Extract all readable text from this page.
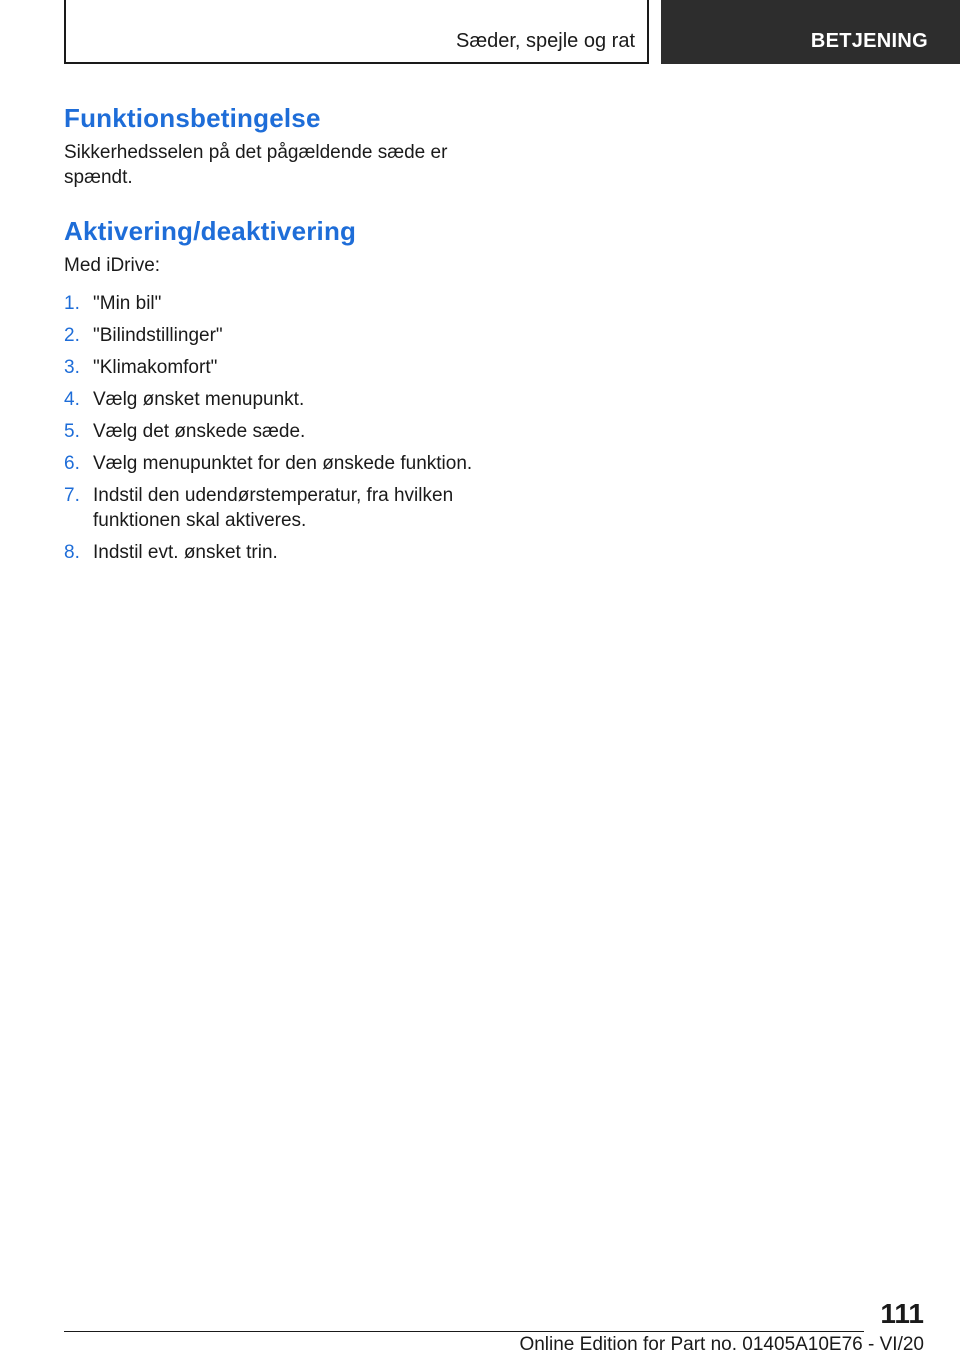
Sæder, spejle og rat	BETJENING
Funktionsbetingelse

Sikkerhedsselen på det pågældende sæde er spændt.

Aktivering/deaktivering

Med iDrive:

1. "Min bil"
2. "Bilindstillinger"
3. "Klimakomfort"
4. Vælg ønsket menupunkt.
5. Vælg det ønskede sæde.
6. Vælg menupunktet for den ønskede funktion.
7. Indstil den udendørstemperatur, fra hvilken funktionen skal aktiveres.
8. Indstil evt. ønsket trin.
111
Online Edition for Part no. 01405A10E76 - VI/20
